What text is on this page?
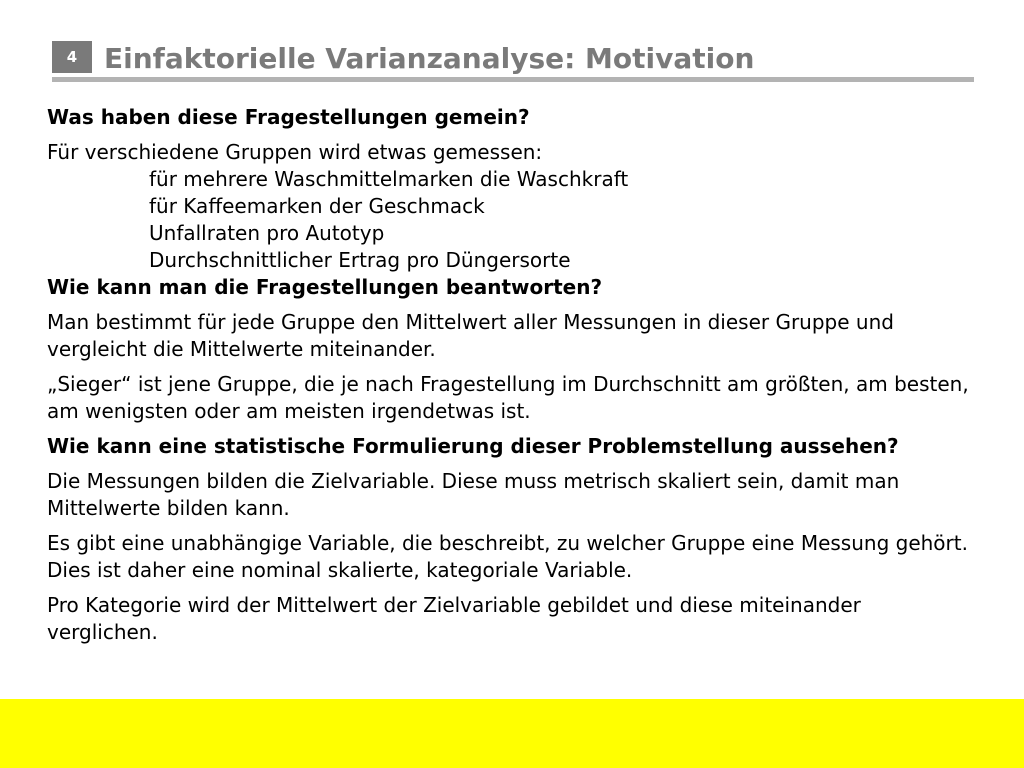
4 Einfaktorielle Varianzanalyse: Motivation

Was haben diese Fragestellungen gemein?

Für verschiedene Gruppen wird etwas gemessen:

für mehrere Waschmittelmarken die Waschkraft

für Kaffeemarken der Geschmack

Unfallraten pro Autotyp

Durchschnittlicher Ertrag pro Düngersorte

Wie kann man die Fragestellungen beantworten?

Man bestimmt für jede Gruppe den Mittelwert aller Messungen in dieser Gruppe und vergleicht die Mittelwerte miteinander.

„Sieger“ ist jene Gruppe, die je nach Fragestellung im Durchschnitt am größten, am besten, am wenigsten oder am meisten irgendetwas ist.

Wie kann eine statistische Formulierung dieser Problemstellung aussehen?

Die Messungen bilden die Zielvariable. Diese muss metrisch skaliert sein, damit man Mittelwerte bilden kann.

Es gibt eine unabhängige Variable, die beschreibt, zu welcher Gruppe eine Messung gehört. Dies ist daher eine nominal skalierte, kategoriale Variable.

Pro Kategorie wird der Mittelwert der Zielvariable gebildet und diese miteinander verglichen.
